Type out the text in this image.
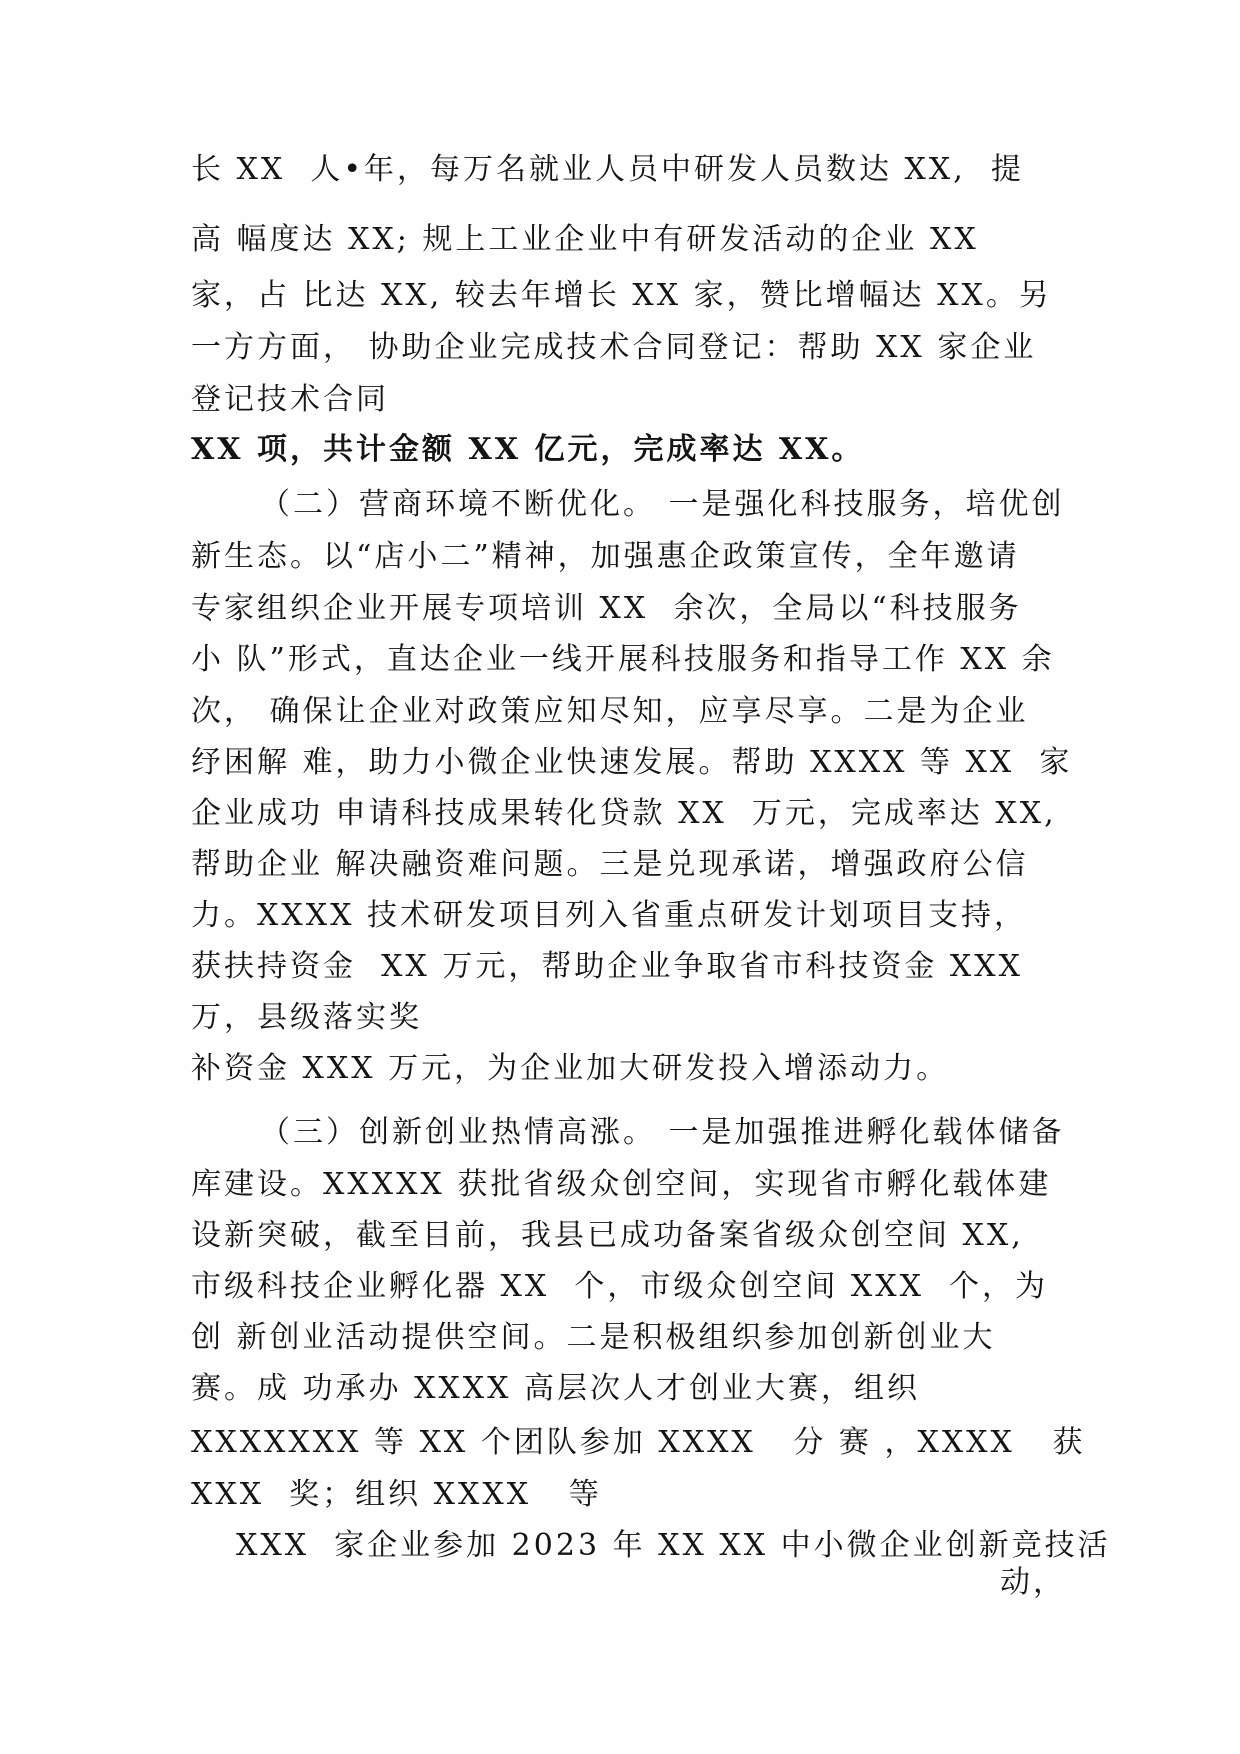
长 XX  人•年，每万名就业人员中研发人员数达 XX,  提
高 幅度达 XX; 规上工业企业中有研发活动的企业 XX
家，占 比达 XX, 较去年增长 XX 家，赞比增幅达 XX。另
一方方面， 协助企业完成技术合同登记：帮助 XX 家企业
登记技术合同
XX 项，共计金额 XX 亿元，完成率达 XX。
（二）营商环境不断优化。 一是强化科技服务，培优创
新生态。以“店小二”精神，加强惠企政策宣传，全年邀请
专家组织企业开展专项培训 XX  余次，全局以“科技服务
小 队”形式，直达企业一线开展科技服务和指导工作 XX 余
次， 确保让企业对政策应知尽知，应享尽享。二是为企业
纾困解 难，助力小微企业快速发展。帮助 XXXX 等 XX  家
企业成功 申请科技成果转化贷款 XX  万元，完成率达 XX,
帮助企业 解决融资难问题。三是兑现承诺，增强政府公信
力。XXXX 技术研发项目列入省重点研发计划项目支持，
获扶持资金  XX 万元，帮助企业争取省市科技资金 XXX
万，县级落实奖
补资金 XXX 万元，为企业加大研发投入增添动力。
（三）创新创业热情高涨。 一是加强推进孵化载体储备
库建设。XXXXX 获批省级众创空间，实现省市孵化载体建
设新突破，截至目前，我县已成功备案省级众创空间 XX,
市级科技企业孵化器 XX  个，市级众创空间 XXX  个，为
创 新创业活动提供空间。二是积极组织参加创新创业大
赛。成 功承办 XXXX 高层次人才创业大赛，组织
XXXXXXX 等 XX 个团队参加 XXXX   分 赛 ，XXXX   获
XXX  奖；组织 XXXX   等
XXX  家企业参加 2023 年 XX XX 中小微企业创新竞技活
动，
